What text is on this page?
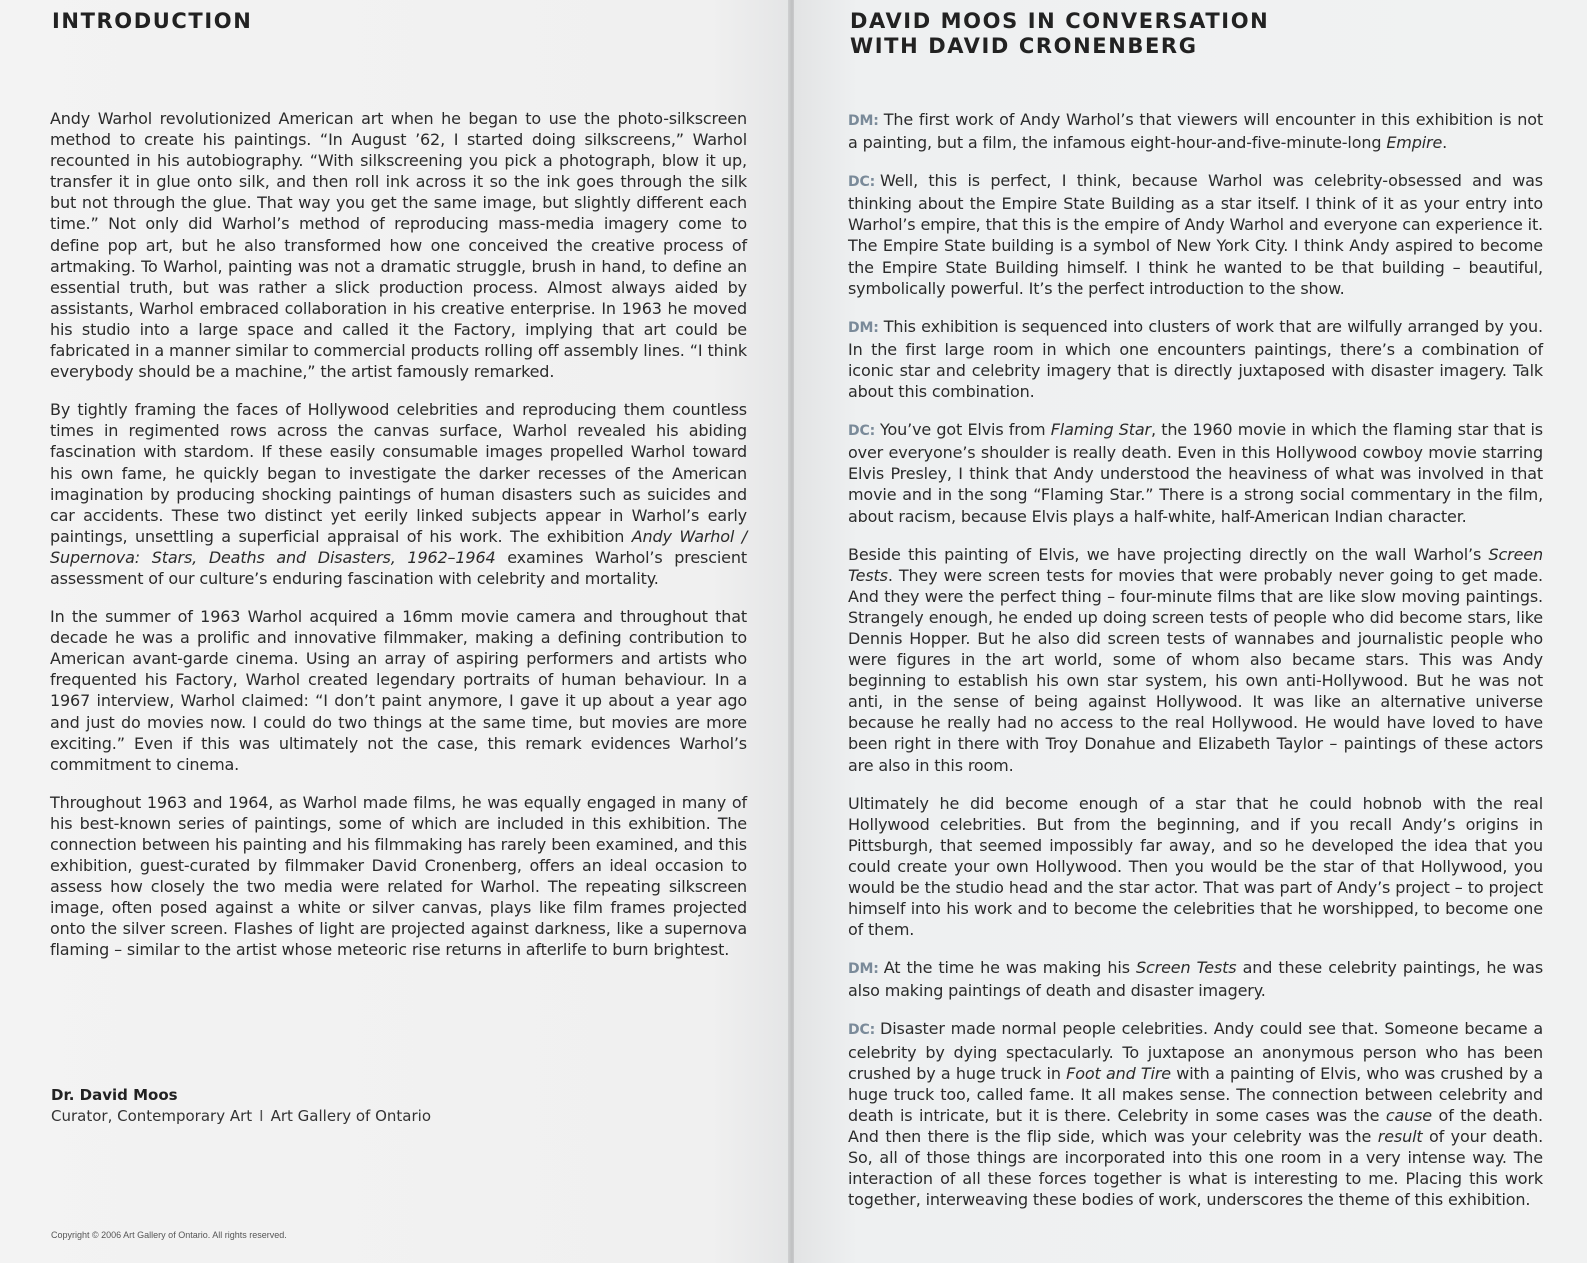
INTRODUCTION

Andy Warhol revolutionized American art when he began to use the photo-silkscreen method to create his paintings. “In August ’62, I started doing silkscreens,” Warhol recounted in his autobiography. “With silkscreening you pick a photograph, blow it up, transfer it in glue onto silk, and then roll ink across it so the ink goes through the silk but not through the glue. That way you get the same image, but slightly different each time.” Not only did Warhol’s method of reproducing mass-media imagery come to define pop art, but he also transformed how one conceived the creative process of artmaking. To Warhol, painting was not a dramatic struggle, brush in hand, to define an essential truth, but was rather a slick production process. Almost always aided by assistants, Warhol embraced collaboration in his creative enterprise. In 1963 he moved his studio into a large space and called it the Factory, implying that art could be fabricated in a manner similar to commercial products rolling off assembly lines. “I think everybody should be a machine,” the artist famously remarked.

By tightly framing the faces of Hollywood celebrities and reproducing them countless times in regimented rows across the canvas surface, Warhol revealed his abiding fascination with stardom. If these easily consumable images propelled Warhol toward his own fame, he quickly began to investigate the darker recesses of the American imagination by producing shocking paintings of human disasters such as suicides and car accidents. These two distinct yet eerily linked subjects appear in Warhol’s early paintings, unsettling a superficial appraisal of his work. The exhibition Andy Warhol / Supernova: Stars, Deaths and Disasters, 1962–1964 examines Warhol’s prescient assessment of our culture’s enduring fascination with celebrity and mortality.

In the summer of 1963 Warhol acquired a 16mm movie camera and throughout that decade he was a prolific and innovative filmmaker, making a defining contribution to American avant-garde cinema. Using an array of aspiring performers and artists who frequented his Factory, Warhol created legendary portraits of human behaviour. In a 1967 interview, Warhol claimed: “I don’t paint anymore, I gave it up about a year ago and just do movies now. I could do two things at the same time, but movies are more exciting.” Even if this was ultimately not the case, this remark evidences Warhol’s commitment to cinema.

Throughout 1963 and 1964, as Warhol made films, he was equally engaged in many of his best-known series of paintings, some of which are included in this exhibition. The connection between his painting and his filmmaking has rarely been examined, and this exhibition, guest-curated by filmmaker David Cronenberg, offers an ideal occasion to assess how closely the two media were related for Warhol. The repeating silkscreen image, often posed against a white or silver canvas, plays like film frames projected onto the silver screen. Flashes of light are projected against darkness, like a supernova flaming – similar to the artist whose meteoric rise returns in afterlife to burn brightest.

Dr. David Moos
Curator, Contemporary Art I Art Gallery of Ontario
Copyright © 2006 Art Gallery of Ontario. All rights reserved.
DAVID MOOS IN CONVERSATION
WITH DAVID CRONENBERG

DM: The first work of Andy Warhol’s that viewers will encounter in this exhibition is not a painting, but a film, the infamous eight-hour-and-five-minute-long Empire.

DC: Well, this is perfect, I think, because Warhol was celebrity-obsessed and was thinking about the Empire State Building as a star itself. I think of it as your entry into Warhol’s empire, that this is the empire of Andy Warhol and everyone can experience it. The Empire State building is a symbol of New York City. I think Andy aspired to become the Empire State Building himself. I think he wanted to be that building – beautiful, symbolically powerful. It’s the perfect introduction to the show.

DM: This exhibition is sequenced into clusters of work that are wilfully arranged by you. In the first large room in which one encounters paintings, there’s a combination of iconic star and celebrity imagery that is directly juxtaposed with disaster imagery. Talk about this combination.

DC: You’ve got Elvis from Flaming Star, the 1960 movie in which the flaming star that is over everyone’s shoulder is really death. Even in this Hollywood cowboy movie starring Elvis Presley, I think that Andy understood the heaviness of what was involved in that movie and in the song “Flaming Star.” There is a strong social commentary in the film, about racism, because Elvis plays a half-white, half-American Indian character.

Beside this painting of Elvis, we have projecting directly on the wall Warhol’s Screen Tests. They were screen tests for movies that were probably never going to get made. And they were the perfect thing – four-minute films that are like slow moving paintings. Strangely enough, he ended up doing screen tests of people who did become stars, like Dennis Hopper. But he also did screen tests of wannabes and journalistic people who were figures in the art world, some of whom also became stars. This was Andy beginning to establish his own star system, his own anti-Hollywood. But he was not anti, in the sense of being against Hollywood. It was like an alternative universe because he really had no access to the real Hollywood. He would have loved to have been right in there with Troy Donahue and Elizabeth Taylor – paintings of these actors are also in this room.

Ultimately he did become enough of a star that he could hobnob with the real Hollywood celebrities. But from the beginning, and if you recall Andy’s origins in Pittsburgh, that seemed impossibly far away, and so he developed the idea that you could create your own Hollywood. Then you would be the star of that Hollywood, you would be the studio head and the star actor. That was part of Andy’s project – to project himself into his work and to become the celebrities that he worshipped, to become one of them.

DM: At the time he was making his Screen Tests and these celebrity paintings, he was also making paintings of death and disaster imagery.

DC: Disaster made normal people celebrities. Andy could see that. Someone became a celebrity by dying spectacularly. To juxtapose an anonymous person who has been crushed by a huge truck in Foot and Tire with a painting of Elvis, who was crushed by a huge truck too, called fame. It all makes sense. The connection between celebrity and death is intricate, but it is there. Celebrity in some cases was the cause of the death. And then there is the flip side, which was your celebrity was the result of your death. So, all of those things are incorporated into this one room in a very intense way. The interaction of all these forces together is what is interesting to me. Placing this work together, interweaving these bodies of work, underscores the theme of this exhibition.
